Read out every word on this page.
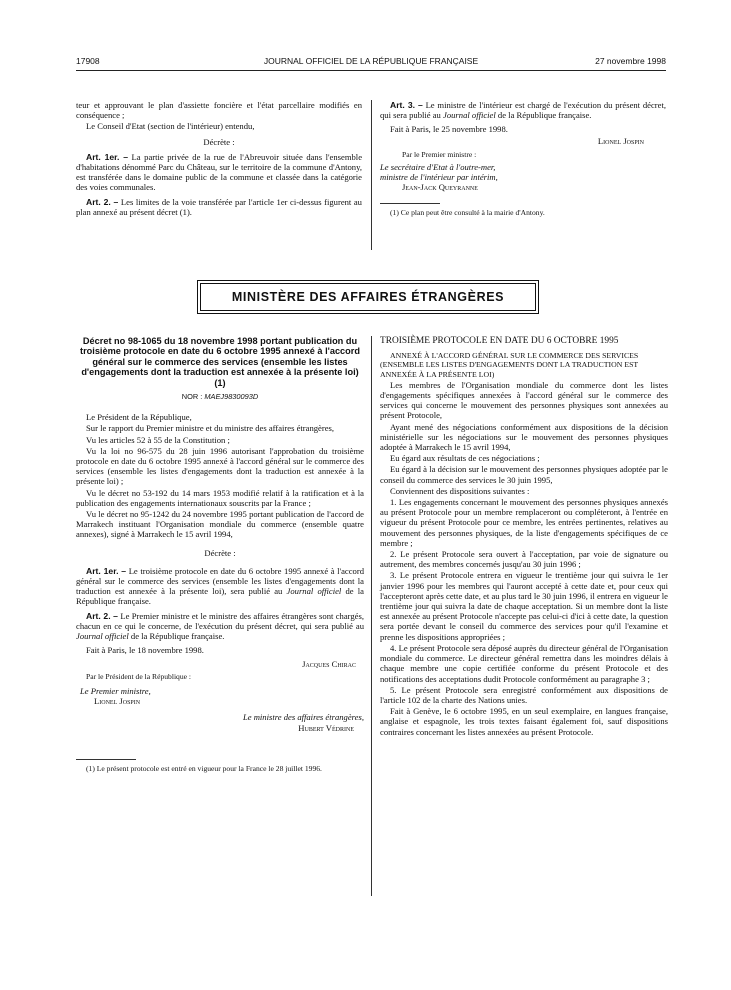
17908	JOURNAL OFFICIEL DE LA RÉPUBLIQUE FRANÇAISE	27 novembre 1998

teur et approuvant le plan d'assiette foncière et l'état parcellaire modifiés en conséquence ;

Le Conseil d'Etat (section de l'intérieur) entendu,

Décrète :

Art. 1er. – La partie privée de la rue de l'Abreuvoir située dans l'ensemble d'habitations dénommé Parc du Château, sur le territoire de la commune d'Antony, est transférée dans le domaine public de la commune et classée dans la catégorie des voies communales.

Art. 2. – Les limites de la voie transférée par l'article 1er ci-dessus figurent au plan annexé au présent décret (1).

Art. 3. – Le ministre de l'intérieur est chargé de l'exécution du présent décret, qui sera publié au Journal officiel de la République française.

Fait à Paris, le 25 novembre 1998.

Lionel Jospin
Par le Premier ministre :
Le secrétaire d'Etat à l'outre-mer,
ministre de l'intérieur par intérim,
Jean-Jack Queyranne

(1) Ce plan peut être consulté à la mairie d'Antony.

MINISTÈRE DES AFFAIRES ÉTRANGÈRES
Décret no 98-1065 du 18 novembre 1998 portant publication du troisième protocole en date du 6 octobre 1995 annexé à l'accord général sur le commerce des services (ensemble les listes d'engagements dont la traduction est annexée à la présente loi) (1)
NOR : MAEJ9830093D

Le Président de la République,

Sur le rapport du Premier ministre et du ministre des affaires étrangères,

Vu les articles 52 à 55 de la Constitution ;

Vu la loi no 96-575 du 28 juin 1996 autorisant l'approbation du troisième protocole en date du 6 octobre 1995 annexé à l'accord général sur le commerce des services (ensemble les listes d'engagements dont la traduction est annexée à la présente loi) ;

Vu le décret no 53-192 du 14 mars 1953 modifié relatif à la ratification et à la publication des engagements internationaux souscrits par la France ;

Vu le décret no 95-1242 du 24 novembre 1995 portant publication de l'accord de Marrakech instituant l'Organisation mondiale du commerce (ensemble quatre annexes), signé à Marrakech le 15 avril 1994,

Décrète :

Art. 1er. – Le troisième protocole en date du 6 octobre 1995 annexé à l'accord général sur le commerce des services (ensemble les listes d'engagements dont la traduction est annexée à la présente loi), sera publié au Journal officiel de la République française.

Art. 2. – Le Premier ministre et le ministre des affaires étrangères sont chargés, chacun en ce qui le concerne, de l'exécution du présent décret, qui sera publié au Journal officiel de la République française.

Fait à Paris, le 18 novembre 1998.

Jacques Chirac
Par le Président de la République :
Le Premier ministre,
Lionel Jospin
Le ministre des affaires étrangères,
Hubert Védrine

(1) Le présent protocole est entré en vigueur pour la France le 28 juillet 1996.

TROISIÈME PROTOCOLE EN DATE DU 6 OCTOBRE 1995

ANNEXÉ À L'ACCORD GÉNÉRAL SUR LE COMMERCE DES SERVICES (ENSEMBLE LES LISTES D'ENGAGEMENTS DONT LA TRADUCTION EST ANNEXÉE À LA PRÉSENTE LOI)

Les membres de l'Organisation mondiale du commerce dont les listes d'engagements spécifiques annexées à l'accord général sur le commerce des services qui concerne le mouvement des personnes physiques sont annexées au présent Protocole,

Ayant mené des négociations conformément aux dispositions de la décision ministérielle sur les négociations sur le mouvement des personnes physiques adoptée à Marrakech le 15 avril 1994,

Eu égard aux résultats de ces négociations ;

Eu égard à la décision sur le mouvement des personnes physiques adoptée par le conseil du commerce des services le 30 juin 1995,

Conviennent des dispositions suivantes :

1. Les engagements concernant le mouvement des personnes physiques annexés au présent Protocole pour un membre remplaceront ou compléteront, à l'entrée en vigueur du présent Protocole pour ce membre, les entrées pertinentes, relatives au mouvement des personnes physiques, de la liste d'engagements spécifiques de ce membre ;

2. Le présent Protocole sera ouvert à l'acceptation, par voie de signature ou autrement, des membres concernés jusqu'au 30 juin 1996 ;

3. Le présent Protocole entrera en vigueur le trentième jour qui suivra le 1er janvier 1996 pour les membres qui l'auront accepté à cette date et, pour ceux qui l'accepteront après cette date, et au plus tard le 30 juin 1996, il entrera en vigueur le trentième jour qui suivra la date de chaque acceptation. Si un membre dont la liste est annexée au présent Protocole n'accepte pas celui-ci d'ici à cette date, la question sera portée devant le conseil du commerce des services pour qu'il l'examine et prenne les dispositions appropriées ;

4. Le présent Protocole sera déposé auprès du directeur général de l'Organisation mondiale du commerce. Le directeur général remettra dans les moindres délais à chaque membre une copie certifiée conforme du présent Protocole et des notifications des acceptations dudit Protocole conformément au paragraphe 3 ;

5. Le présent Protocole sera enregistré conformément aux dispositions de l'article 102 de la charte des Nations unies.

Fait à Genève, le 6 octobre 1995, en un seul exemplaire, en langues française, anglaise et espagnole, les trois textes faisant également foi, sauf dispositions contraires concernant les listes annexées au présent Protocole.
